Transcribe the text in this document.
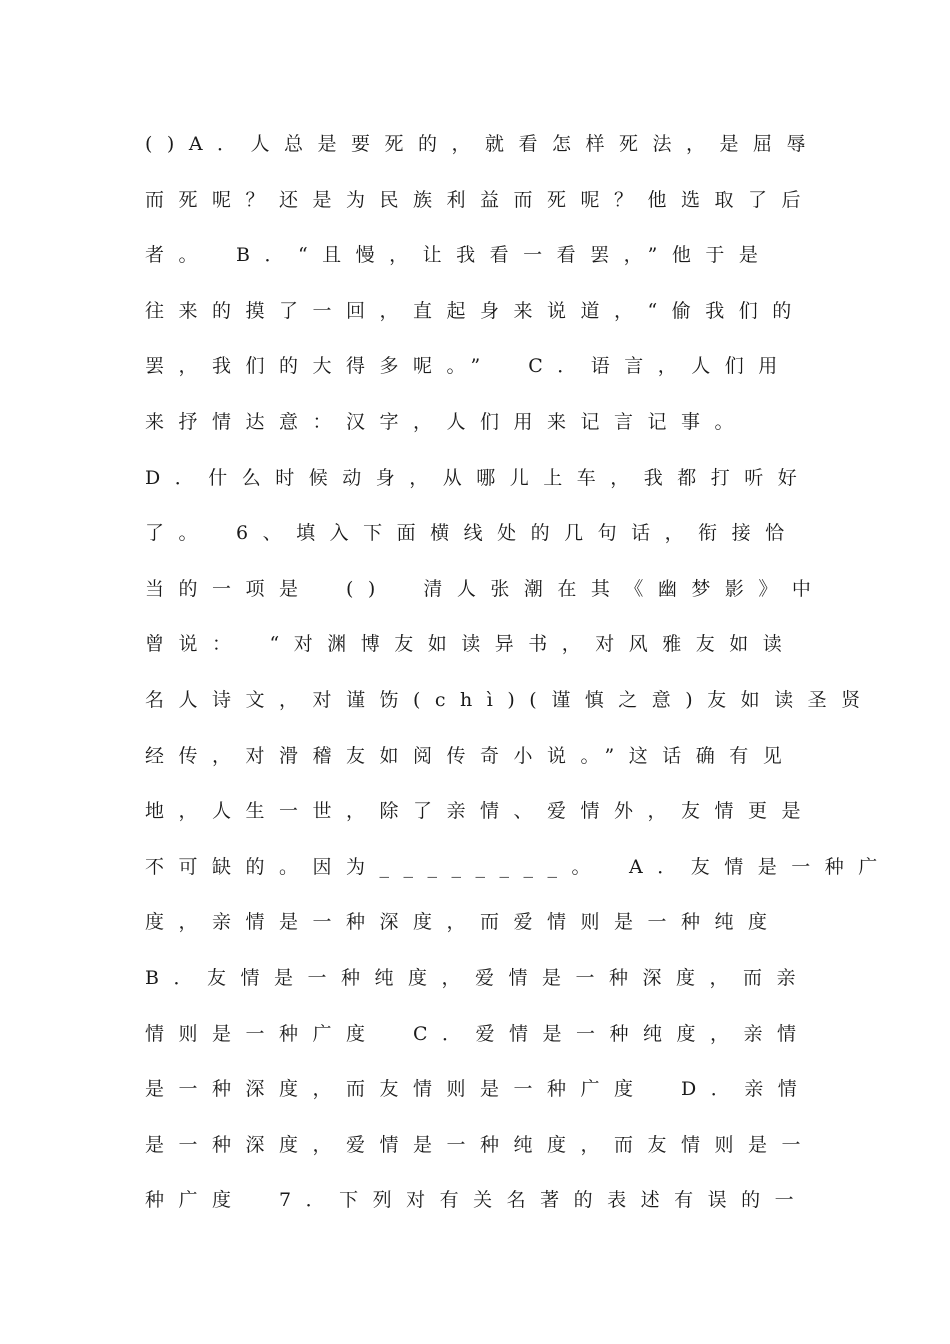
()A．人总是要死的，就看怎样死法，是屈辱
而死呢？还是为民族利益而死呢？他选取了后
者。　B．“且慢，让我看一看罢，”他于是
往来的摸了一回，直起身来说道，“偷我们的
罢，我们的大得多呢。”　C．语言，人们用
来抒情达意：汉字，人们用来记言记事。
D．什么时候动身，从哪儿上车，我都打听好
了。　6、填入下面横线处的几句话，衔接恰
当的一项是　()　清人张潮在其《幽梦影》中
曾说：　“对渊博友如读异书，对风雅友如读
名人诗文，对谨饬(chì)(谨慎之意)友如读圣贤
经传，对滑稽友如阅传奇小说。”这话确有见
地，人生一世，除了亲情、爱情外，友情更是
不可缺的。因为________。　A．友情是一种广
度，亲情是一种深度，而爱情则是一种纯度
B．友情是一种纯度，爱情是一种深度，而亲
情则是一种广度　C．爱情是一种纯度，亲情
是一种深度，而友情则是一种广度　D．亲情
是一种深度，爱情是一种纯度，而友情则是一
种广度　7．下列对有关名著的表述有误的一
